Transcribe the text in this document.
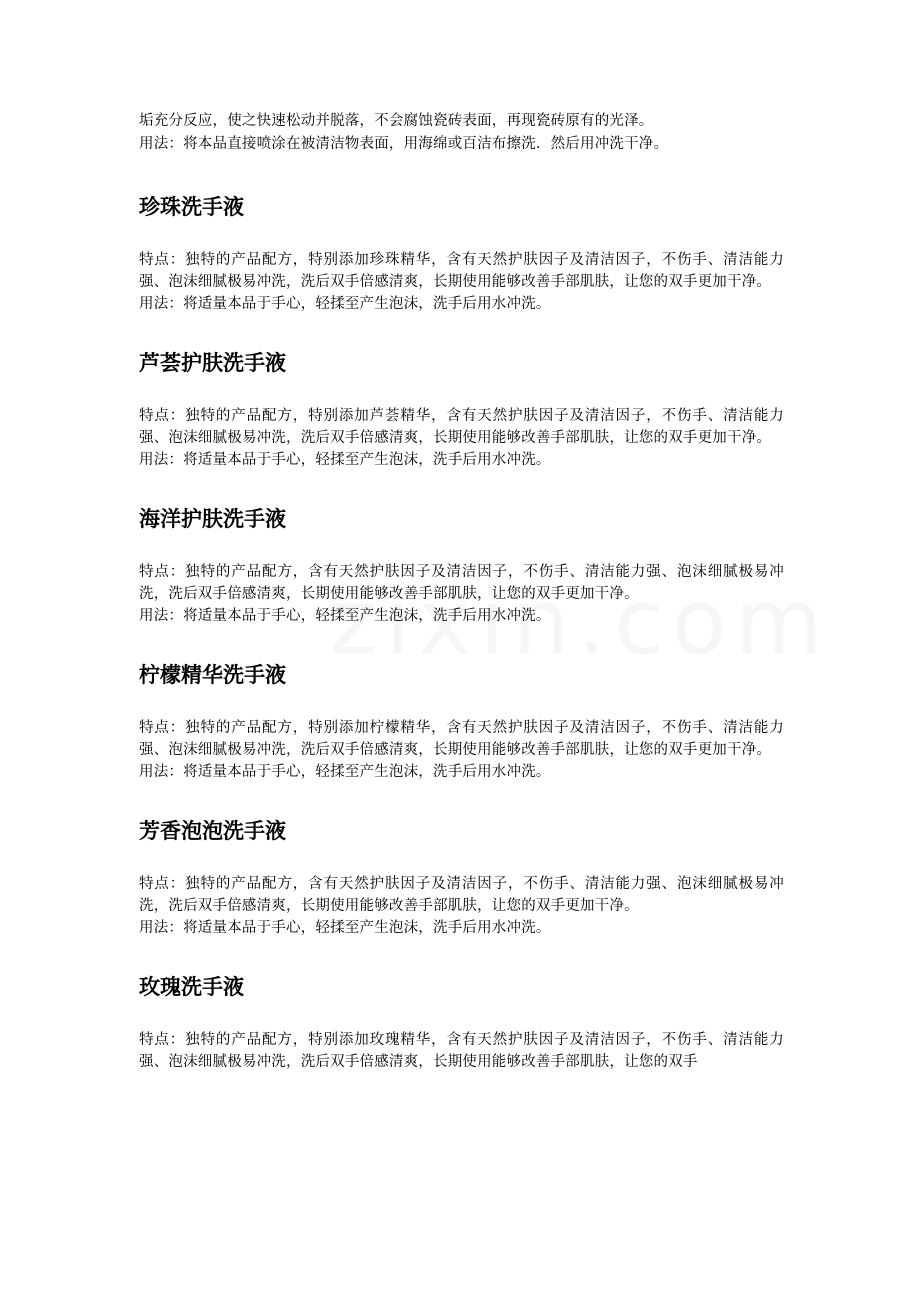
垢充分反应，使之快速松动并脱落，不会腐蚀瓷砖表面，再现瓷砖原有的光泽。

用法：将本品直接喷涂在被清洁物表面，用海绵或百洁布擦洗．然后用冲洗干净。

珍珠洗手液

特点：独特的产品配方，特别添加珍珠精华，含有天然护肤因子及清洁因子，不伤手、清洁能力强、泡沫细腻极易冲洗，洗后双手倍感清爽，长期使用能够改善手部肌肤，让您的双手更加干净。

用法：将适量本品于手心，轻揉至产生泡沫，洗手后用水冲洗。

芦荟护肤洗手液

特点：独特的产品配方，特别添加芦荟精华，含有天然护肤因子及清洁因子，不伤手、清洁能力强、泡沫细腻极易冲洗，洗后双手倍感清爽，长期使用能够改善手部肌肤，让您的双手更加干净。

用法：将适量本品于手心，轻揉至产生泡沫，洗手后用水冲洗。

海洋护肤洗手液

特点：独特的产品配方，含有天然护肤因子及清洁因子，不伤手、清洁能力强、泡沫细腻极易冲洗，洗后双手倍感清爽，长期使用能够改善手部肌肤，让您的双手更加干净。

用法：将适量本品于手心，轻揉至产生泡沫，洗手后用水冲洗。

柠檬精华洗手液

特点：独特的产品配方，特别添加柠檬精华，含有天然护肤因子及清洁因子，不伤手、清洁能力强、泡沫细腻极易冲洗，洗后双手倍感清爽，长期使用能够改善手部肌肤，让您的双手更加干净。

用法：将适量本品于手心，轻揉至产生泡沫，洗手后用水冲洗。

芳香泡泡洗手液

特点：独特的产品配方，含有天然护肤因子及清洁因子，不伤手、清洁能力强、泡沫细腻极易冲洗，洗后双手倍感清爽，长期使用能够改善手部肌肤，让您的双手更加干净。

用法：将适量本品于手心，轻揉至产生泡沫，洗手后用水冲洗。

玫瑰洗手液

特点：独特的产品配方，特别添加玫瑰精华，含有天然护肤因子及清洁因子，不伤手、清洁能力强、泡沫细腻极易冲洗，洗后双手倍感清爽，长期使用能够改善手部肌肤，让您的双手
